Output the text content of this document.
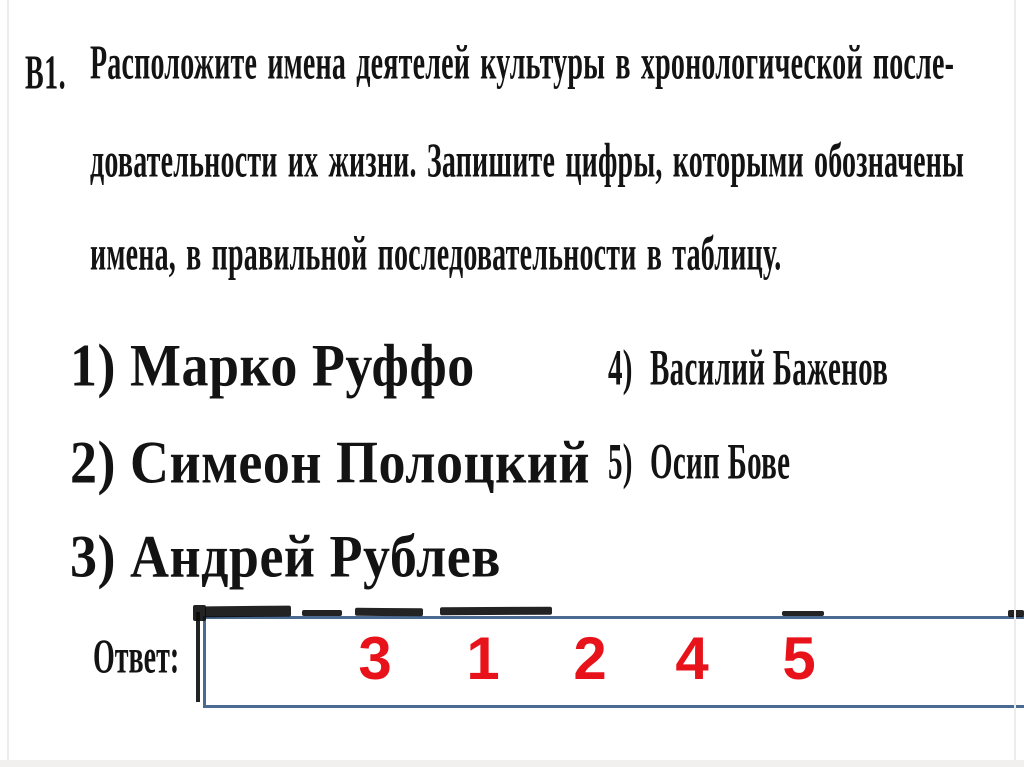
В1. Расположите имена деятелей культуры в хронологической после-
довательности их жизни. Запишите цифры, которыми обозначены
имена, в правильной последовательности в таблицу.
1) Марко Руффо
2) Симеон Полоцкий
3) Андрей Рублев
4) Василий Баженов
5) Осип Бове
Ответ:	3 1 2 4 5
